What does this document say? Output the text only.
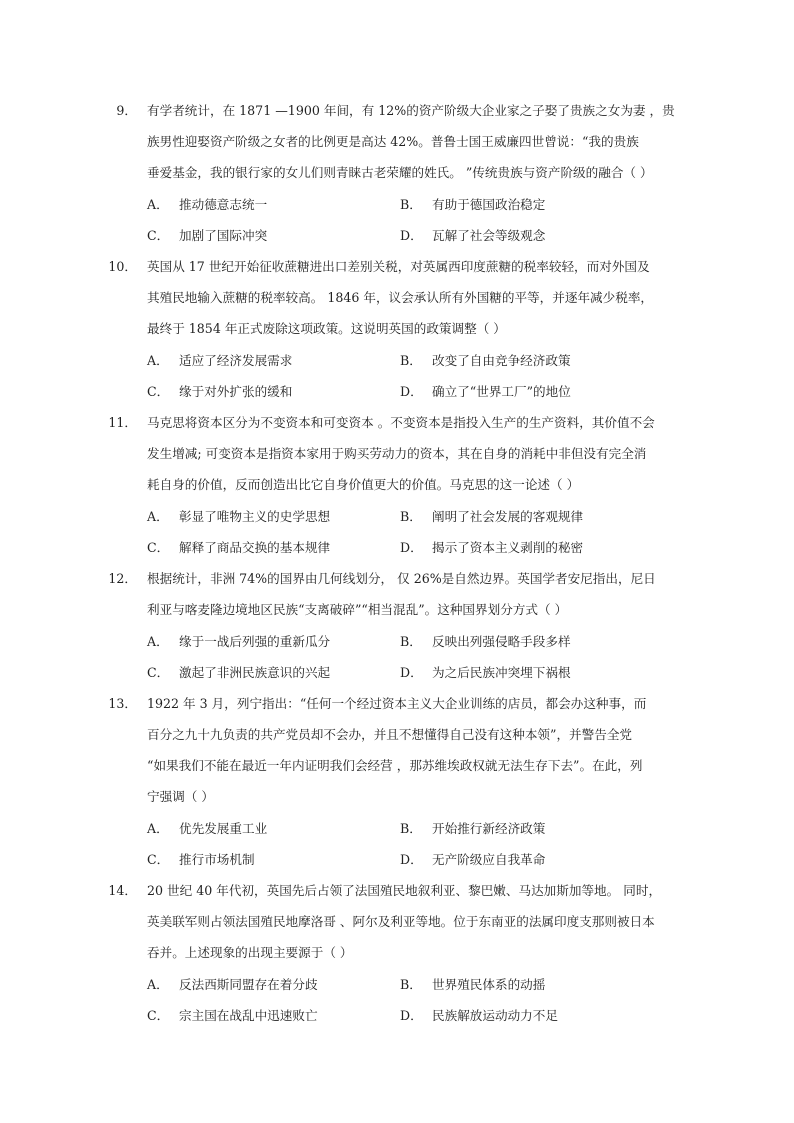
9． 有学者统计，在 1871 —1900 年间，有 12%的资产阶级大企业家之子娶了贵族之女为妻 ，贵
族男性迎娶资产阶级之女者的比例更是高达 42%。普鲁士国王威廉四世曾说：“我的贵族
垂爱基金，我的银行家的女儿们则青睐古老荣耀的姓氏。 ”传统贵族与资产阶级的融合（ ）
A． 推动德意志统一	B． 有助于德国政治稳定
C． 加剧了国际冲突	D． 瓦解了社会等级观念
10． 英国从 17 世纪开始征收蔗糖进出口差别关税，对英属西印度蔗糖的税率较轻，而对外国及
其殖民地输入蔗糖的税率较高。 1846 年，议会承认所有外国糖的平等，并逐年减少税率，
最终于 1854 年正式废除这项政策。这说明英国的政策调整（ ）
A． 适应了经济发展需求	B． 改变了自由竞争经济政策
C． 缘于对外扩张的缓和	D． 确立了“世界工厂”的地位
11． 马克思将资本区分为不变资本和可变资本 。不变资本是指投入生产的生产资料，其价值不会
发生增减; 可变资本是指资本家用于购买劳动力的资本，其在自身的消耗中非但没有完全消
耗自身的价值，反而创造出比它自身价值更大的价值。马克思的这一论述（ ）
A． 彰显了唯物主义的史学思想	B． 阐明了社会发展的客观规律
C． 解释了商品交换的基本规律	D． 揭示了资本主义剥削的秘密
12． 根据统计，非洲 74%的国界由几何线划分， 仅 26%是自然边界。英国学者安尼指出，尼日
利亚与喀麦隆边境地区民族“支离破碎”“相当混乱”。这种国界划分方式（ ）
A． 缘于一战后列强的重新瓜分	B． 反映出列强侵略手段多样
C． 激起了非洲民族意识的兴起	D． 为之后民族冲突埋下祸根
13． 1922 年 3 月，列宁指出：“任何一个经过资本主义大企业训练的店员，都会办这种事，而
百分之九十九负责的共产党员却不会办，并且不想懂得自己没有这种本领”，并警告全党
“如果我们不能在最近一年内证明我们会经营 ，那苏维埃政权就无法生存下去”。在此，列
宁强调（ ）
A． 优先发展重工业	B． 开始推行新经济政策
C． 推行市场机制	D． 无产阶级应自我革命
14． 20 世纪 40 年代初，英国先后占领了法国殖民地叙利亚、黎巴嫩、马达加斯加等地。 同时，
英美联军则占领法国殖民地摩洛哥 、阿尔及利亚等地。位于东南亚的法属印度支那则被日本
吞并。上述现象的出现主要源于（ ）
A． 反法西斯同盟存在着分歧	B． 世界殖民体系的动摇
C． 宗主国在战乱中迅速败亡	D． 民族解放运动动力不足
